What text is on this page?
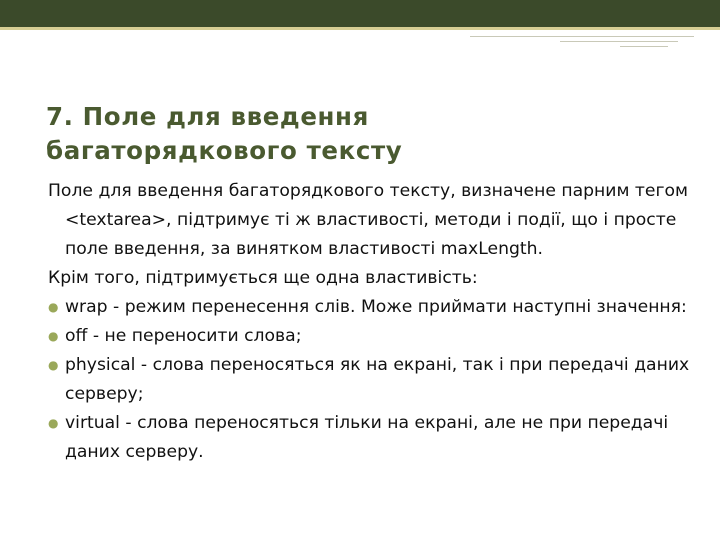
7. Поле для введення
багаторядкового тексту

Поле для введення багаторядкового тексту, визначене парним тегом <textarea>, підтримує ті ж властивості, методи і події, що і просте поле введення, за винятком властивості maxLength.

Крім того, підтримується ще одна властивість:

● wrap - режим перенесення слів. Може приймати наступні значення:
● off - не переносити слова;
● physical - слова переносяться як на екрані, так і при передачі даних серверу;
● virtual - слова переносяться тільки на екрані, але не при передачі даних серверу.
